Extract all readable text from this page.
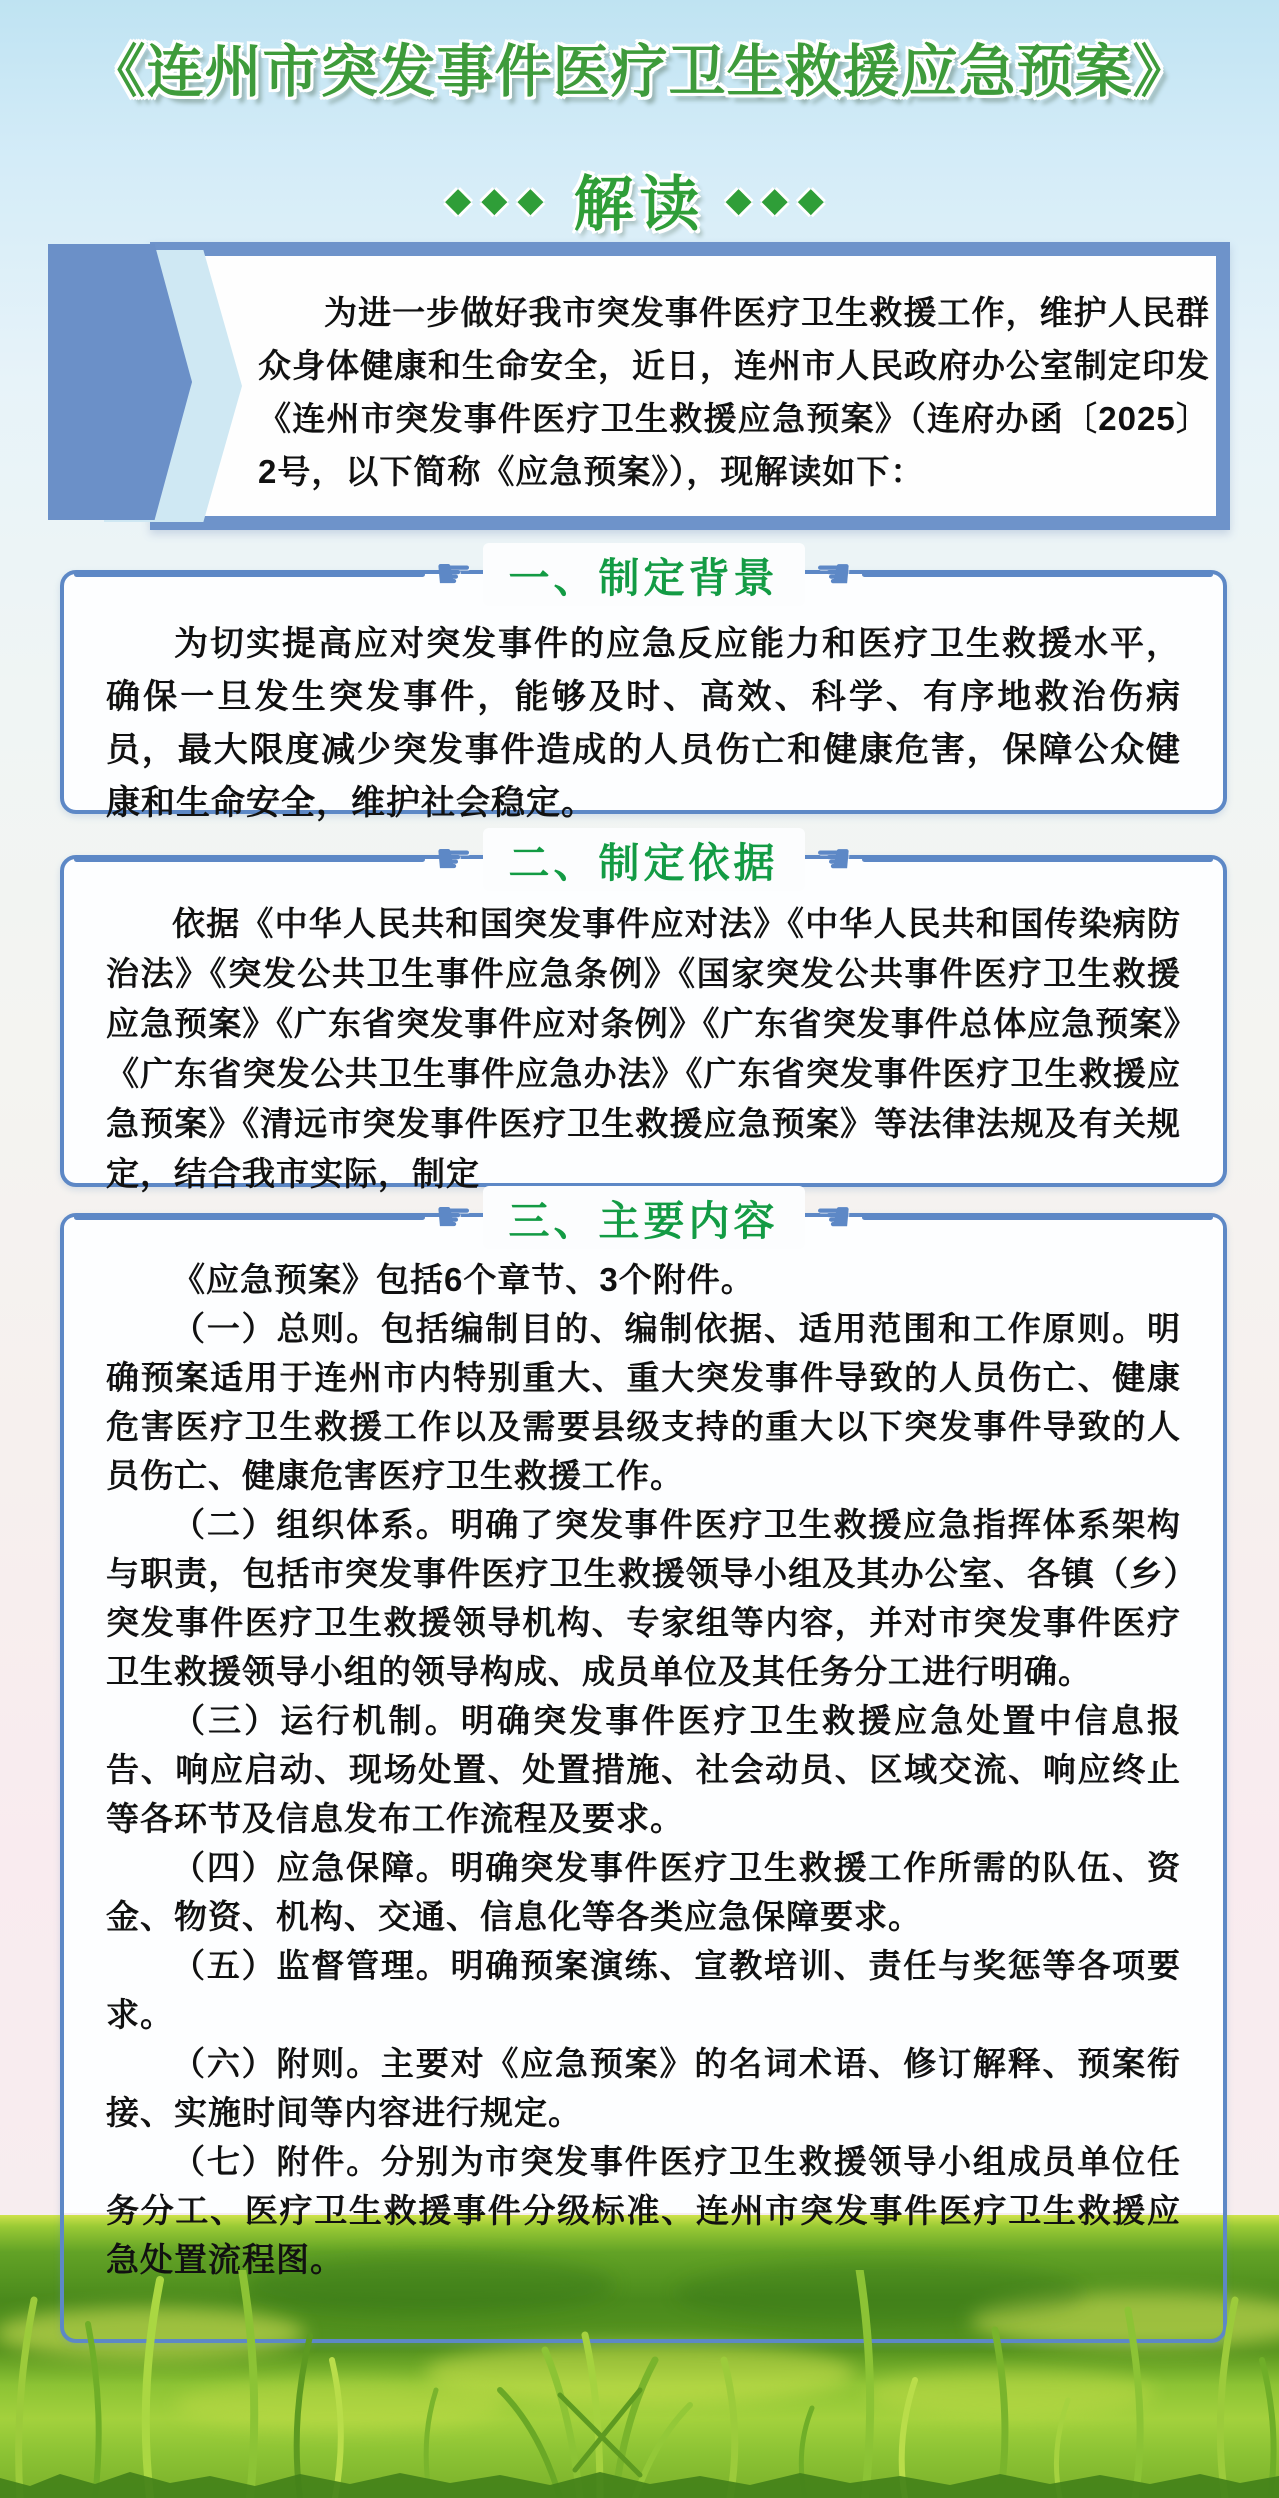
《连州市突发事件医疗卫生救援应急预案》
◆◆◆ 解读 ◆◆◆
为进一步做好我市突发事件医疗卫生救援工作，维护人民群众身体健康和生命安全，近日，连州市人民政府办公室制定印发《连州市突发事件医疗卫生救援应急预案》（连府办函〔2025〕2号，以下简称《应急预案》），现解读如下：
☛ 一、制定背景 ☚

为切实提高应对突发事件的应急反应能力和医疗卫生救援水平，确保一旦发生突发事件，能够及时、高效、科学、有序地救治伤病员，最大限度减少突发事件造成的人员伤亡和健康危害，保障公众健康和生命安全，维护社会稳定。

☛ 二、制定依据 ☚

依据《中华人民共和国突发事件应对法》《中华人民共和国传染病防治法》《突发公共卫生事件应急条例》《国家突发公共事件医疗卫生救援应急预案》《广东省突发事件应对条例》《广东省突发事件总体应急预案》《广东省突发公共卫生事件应急办法》《广东省突发事件医疗卫生救援应急预案》《清远市突发事件医疗卫生救援应急预案》等法律法规及有关规定，结合我市实际，制定

☛ 三、主要内容 ☚

《应急预案》包括6个章节、3个附件。

（一）总则。包括编制目的、编制依据、适用范围和工作原则。明确预案适用于连州市内特别重大、重大突发事件导致的人员伤亡、健康危害医疗卫生救援工作以及需要县级支持的重大以下突发事件导致的人员伤亡、健康危害医疗卫生救援工作。

（二）组织体系。明确了突发事件医疗卫生救援应急指挥体系架构与职责，包括市突发事件医疗卫生救援领导小组及其办公室、各镇（乡）突发事件医疗卫生救援领导机构、专家组等内容，并对市突发事件医疗卫生救援领导小组的领导构成、成员单位及其任务分工进行明确。

（三）运行机制。明确突发事件医疗卫生救援应急处置中信息报告、响应启动、现场处置、处置措施、社会动员、区域交流、响应终止等各环节及信息发布工作流程及要求。

（四）应急保障。明确突发事件医疗卫生救援工作所需的队伍、资金、物资、机构、交通、信息化等各类应急保障要求。

（五）监督管理。明确预案演练、宣教培训、责任与奖惩等各项要求。

（六）附则。主要对《应急预案》的名词术语、修订解释、预案衔接、实施时间等内容进行规定。

（七）附件。分别为市突发事件医疗卫生救援领导小组成员单位任务分工、医疗卫生救援事件分级标准、连州市突发事件医疗卫生救援应急处置流程图。
